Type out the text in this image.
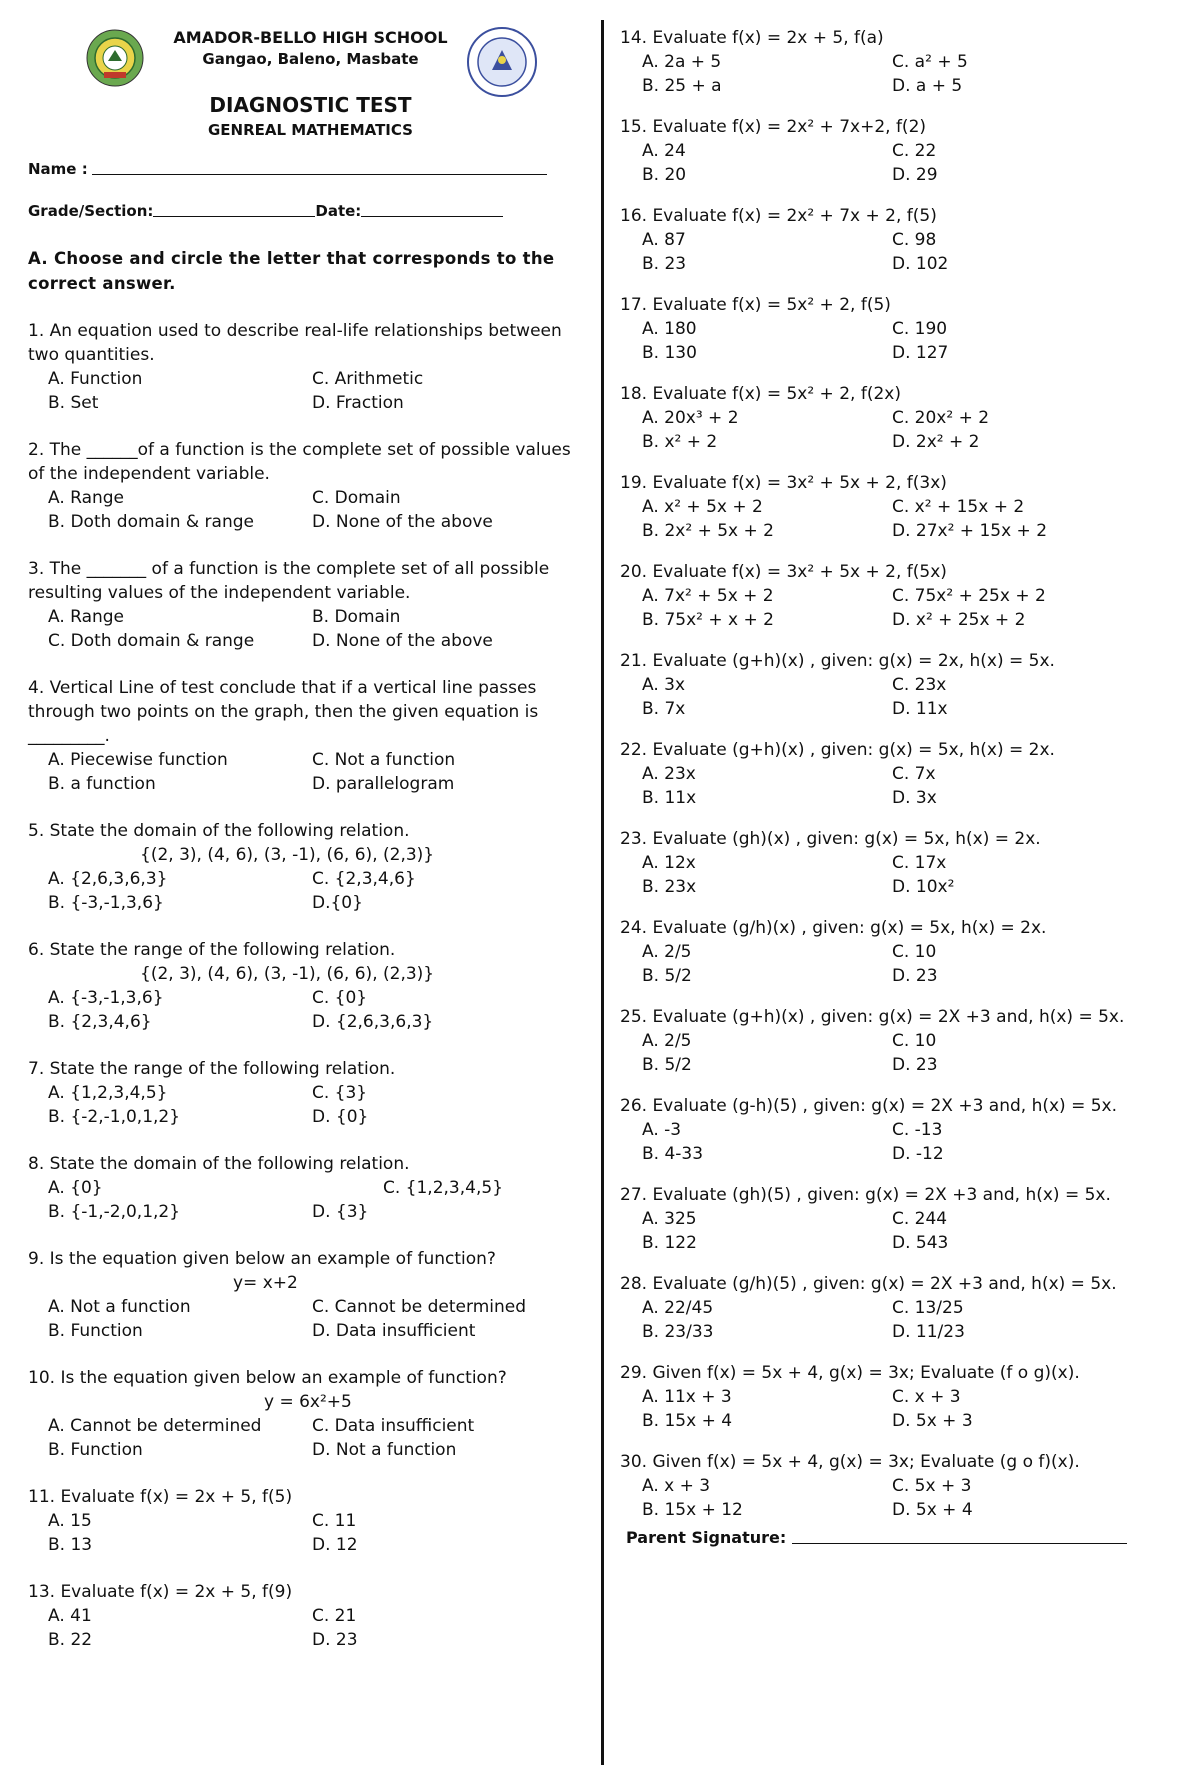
AMADOR-BELLO HIGH SCHOOL
Gangao, Baleno, Masbate
DIAGNOSTIC TEST
GENREAL MATHEMATICS
Name :
Grade/Section:	Date:
A. Choose and circle the letter that corresponds to the correct answer.
1. An equation used to describe real-life relationships between two quantities.
A. Function	C. Arithmetic
B. Set	D. Fraction
2. The ______of a function is the complete set of possible values of the independent variable.
A. Range	C. Domain
B. Doth domain & range	D. None of the above
3. The _______ of a function is the complete set of all possible resulting values of the independent variable.
A. Range	B. Domain
C. Doth domain & range	D. None of the above
4. Vertical Line of test conclude that if a vertical line passes through two points on the graph, then the given equation is _________.
A. Piecewise function	C. Not a function
B. a function	D. parallelogram
5. State the domain of the following relation.
{(2, 3), (4, 6), (3, -1), (6, 6), (2,3)}
A. {2,6,3,6,3}	C. {2,3,4,6}
B. {-3,-1,3,6}	D.{0}
6. State the range of the following relation.
{(2, 3), (4, 6), (3, -1), (6, 6), (2,3)}
A. {-3,-1,3,6}	C. {0}
B. {2,3,4,6}	D. {2,6,3,6,3}
7. State the range of the following relation.
A. {1,2,3,4,5}	C. {3}
B. {-2,-1,0,1,2}	D. {0}
8. State the domain of the following relation.
A. {0}	C. {1,2,3,4,5}
B. {-1,-2,0,1,2}	D. {3}
9. Is the equation given below an example of function?
y= x+2
A. Not a function	C. Cannot be determined
B. Function	D. Data insufficient
10. Is the equation given below an example of function?
y = 6x²+5
A. Cannot be determined	C. Data insufficient
B. Function	D. Not a function
11. Evaluate f(x) = 2x + 5, f(5)
A. 15	C. 11
B. 13	D. 12
13. Evaluate f(x) = 2x + 5, f(9)
A. 41	C. 21
B. 22	D. 23
14. Evaluate f(x) = 2x + 5, f(a)
A. 2a + 5	C. a² + 5
B. 25 + a	D. a + 5
15. Evaluate f(x) = 2x² + 7x+2, f(2)
A. 24	C. 22
B. 20	D. 29
16. Evaluate f(x) = 2x² + 7x + 2, f(5)
A. 87	C. 98
B. 23	D. 102
17. Evaluate f(x) = 5x² + 2, f(5)
A. 180	C. 190
B. 130	D. 127
18. Evaluate f(x) = 5x² + 2, f(2x)
A. 20x³ + 2	C. 20x² + 2
B. x² + 2	D. 2x² + 2
19. Evaluate f(x) = 3x² + 5x + 2, f(3x)
A. x² + 5x + 2	C. x² + 15x + 2
B. 2x² + 5x + 2	D. 27x² + 15x + 2
20. Evaluate f(x) = 3x² + 5x + 2, f(5x)
A. 7x² + 5x + 2	C. 75x² + 25x + 2
B. 75x² + x + 2	D. x² + 25x + 2
21. Evaluate (g+h)(x) , given: g(x) = 2x, h(x) = 5x.
A. 3x	C. 23x
B. 7x	D. 11x
22. Evaluate (g+h)(x) , given: g(x) = 5x, h(x) = 2x.
A. 23x	C. 7x
B. 11x	D. 3x
23. Evaluate (gh)(x) , given: g(x) = 5x, h(x) = 2x.
A. 12x	C. 17x
B. 23x	D. 10x²
24. Evaluate (g/h)(x) , given: g(x) = 5x, h(x) = 2x.
A. 2/5	C. 10
B. 5/2	D. 23
25. Evaluate (g+h)(x) , given: g(x) = 2X +3 and, h(x) = 5x.
A. 2/5	C. 10
B. 5/2	D. 23
26. Evaluate (g-h)(5) , given: g(x) = 2X +3 and, h(x) = 5x.
A. -3	C. -13
B. 4-33	D. -12
27. Evaluate (gh)(5) , given: g(x) = 2X +3 and, h(x) = 5x.
A. 325	C. 244
B. 122	D. 543
28. Evaluate (g/h)(5) , given: g(x) = 2X +3 and, h(x) = 5x.
A. 22/45	C. 13/25
B. 23/33	D. 11/23
29. Given f(x) = 5x + 4, g(x) = 3x; Evaluate (f o g)(x).
A. 11x + 3	C. x + 3
B. 15x + 4	D. 5x + 3
30. Given f(x) = 5x + 4, g(x) = 3x; Evaluate (g o f)(x).
A. x + 3	C. 5x + 3
B. 15x + 12	D. 5x + 4
Parent Signature:
